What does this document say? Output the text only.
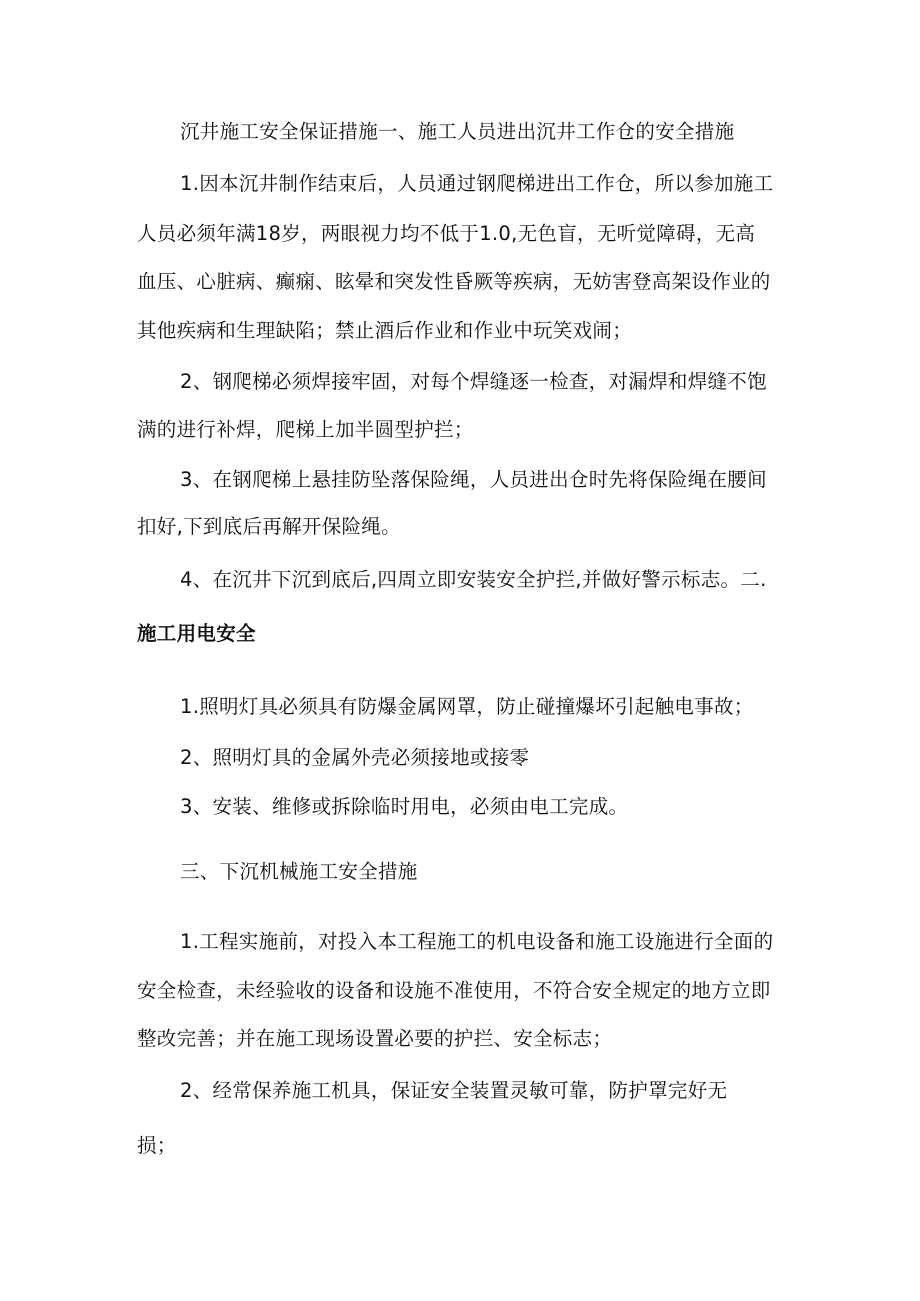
沉井施工安全保证措施一、施工人员进出沉井工作仓的安全措施
1.因本沉井制作结束后，人员通过钢爬梯进出工作仓，所以参加施工
人员必须年满18岁，两眼视力均不低于1.0,无色盲，无听觉障碍，无高
血压、心脏病、癫痫、眩晕和突发性昏厥等疾病，无妨害登高架设作业的
其他疾病和生理缺陷；禁止酒后作业和作业中玩笑戏闹；
2、钢爬梯必须焊接牢固，对每个焊缝逐一检查，对漏焊和焊缝不饱
满的进行补焊，爬梯上加半圆型护拦；
3、在钢爬梯上悬挂防坠落保险绳，人员进出仓时先将保险绳在腰间
扣好,下到底后再解开保险绳。
4、在沉井下沉到底后,四周立即安装安全护拦,并做好警示标志。二.
施工用电安全
1.照明灯具必须具有防爆金属网罩，防止碰撞爆坏引起触电事故；
2、照明灯具的金属外壳必须接地或接零
3、安装、维修或拆除临时用电，必须由电工完成。
三、下沉机械施工安全措施
1.工程实施前，对投入本工程施工的机电设备和施工设施进行全面的
安全检查，未经验收的设备和设施不准使用，不符合安全规定的地方立即
整改完善；并在施工现场设置必要的护拦、安全标志；
2、经常保养施工机具，保证安全装置灵敏可靠，防护罩完好无
损；
